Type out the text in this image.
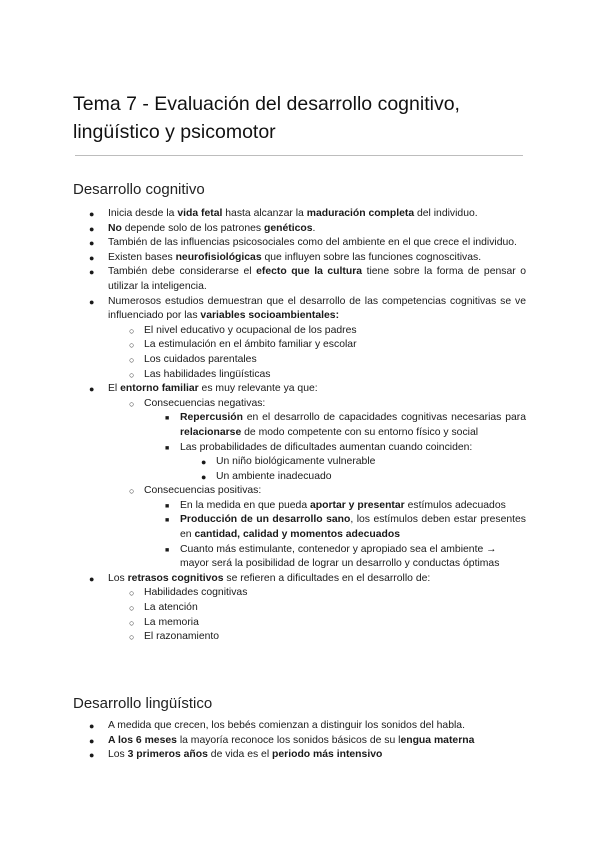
Tema 7 - Evaluación del desarrollo cognitivo, lingüístico y psicomotor
Desarrollo cognitivo
● Inicia desde la vida fetal hasta alcanzar la maduración completa del individuo.
● No depende solo de los patrones genéticos.
● También de las influencias psicosociales como del ambiente en el que crece el individuo.
● Existen bases neurofisiológicas que influyen sobre las funciones cognoscitivas.
● También debe considerarse el efecto que la cultura tiene sobre la forma de pensar o utilizar la inteligencia.
● Numerosos estudios demuestran que el desarrollo de las competencias cognitivas se ve influenciado por las variables socioambientales:
○ El nivel educativo y ocupacional de los padres
○ La estimulación en el ámbito familiar y escolar
○ Los cuidados parentales
○ Las habilidades lingüísticas
● El entorno familiar es muy relevante ya que:
○ Consecuencias negativas:
■ Repercusión en el desarrollo de capacidades cognitivas necesarias para relacionarse de modo competente con su entorno físico y social
■ Las probabilidades de dificultades aumentan cuando coinciden:
● Un niño biológicamente vulnerable
● Un ambiente inadecuado
○ Consecuencias positivas:
■ En la medida en que pueda aportar y presentar estímulos adecuados
■ Producción de un desarrollo sano, los estímulos deben estar presentes en cantidad, calidad y momentos adecuados
■ Cuanto más estimulante, contenedor y apropiado sea el ambiente → mayor será la posibilidad de lograr un desarrollo y conductas óptimas
● Los retrasos cognitivos se refieren a dificultades en el desarrollo de:
○ Habilidades cognitivas
○ La atención
○ La memoria
○ El razonamiento
Desarrollo lingüístico
● A medida que crecen, los bebés comienzan a distinguir los sonidos del habla.
● A los 6 meses la mayoría reconoce los sonidos básicos de su lengua materna
● Los 3 primeros años de vida es el periodo más intensivo
